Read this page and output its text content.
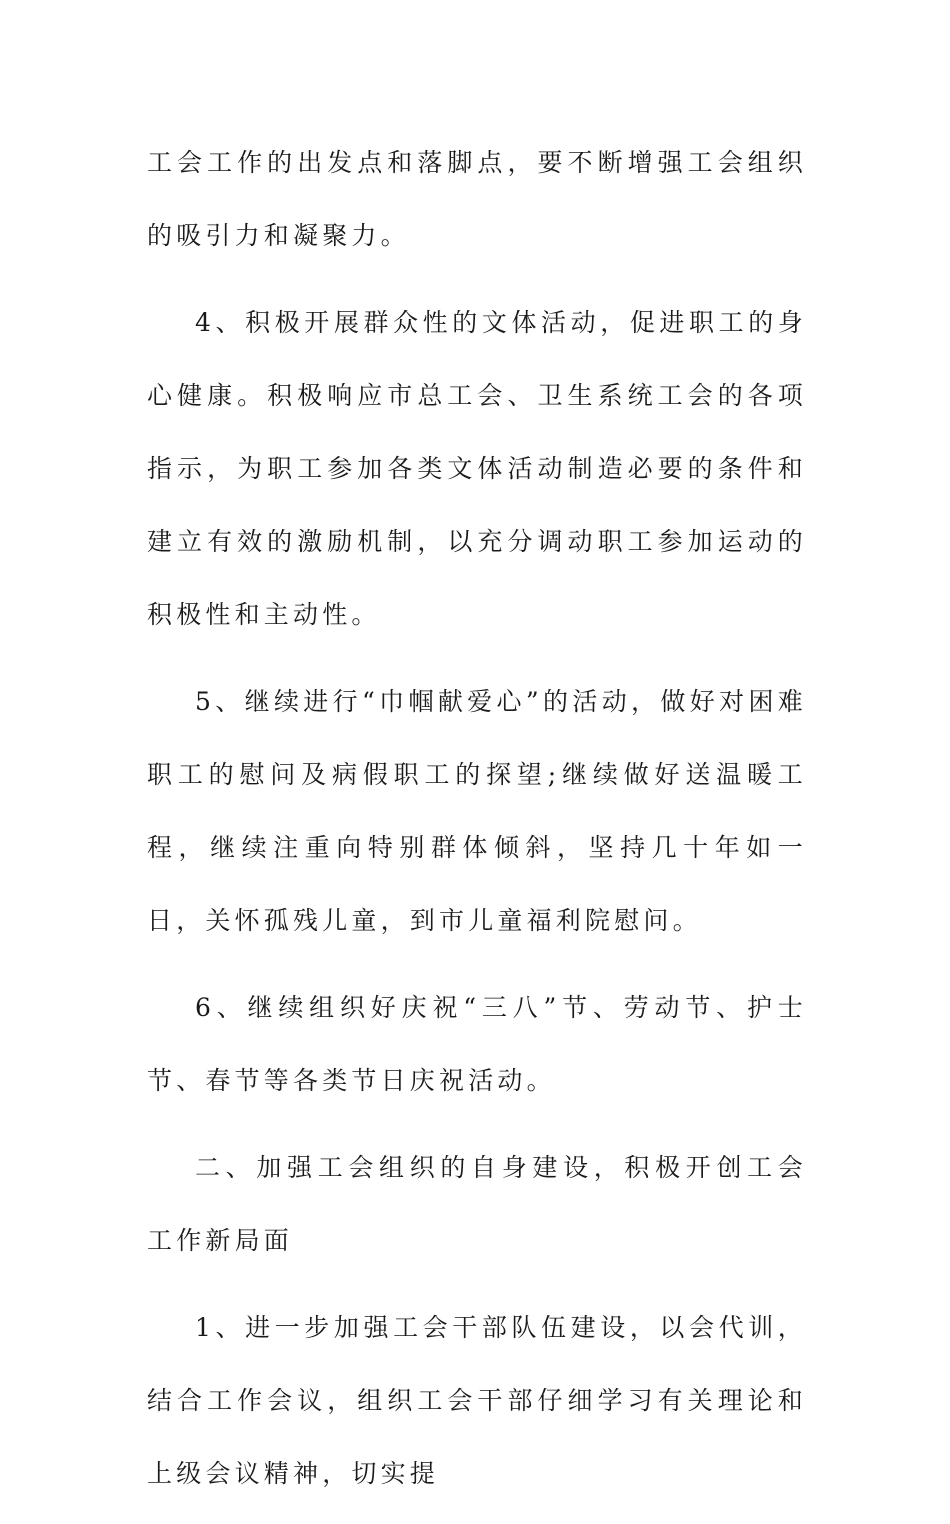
工会工作的出发点和落脚点，要不断增强工会组织的吸引力和凝聚力。

4、积极开展群众性的文体活动，促进职工的身心健康。积极响应市总工会、卫生系统工会的各项指示，为职工参加各类文体活动制造必要的条件和建立有效的激励机制，以充分调动职工参加运动的积极性和主动性。

5、继续进行“巾帼献爱心”的活动，做好对困难职工的慰问及病假职工的探望;继续做好送温暖工程，继续注重向特别群体倾斜，坚持几十年如一日，关怀孤残儿童，到市儿童福利院慰问。

6、继续组织好庆祝“三八”节、劳动节、护士节、春节等各类节日庆祝活动。

二、加强工会组织的自身建设，积极开创工会工作新局面

1、进一步加强工会干部队伍建设，以会代训，结合工作会议，组织工会干部仔细学习有关理论和上级会议精神，切实提
